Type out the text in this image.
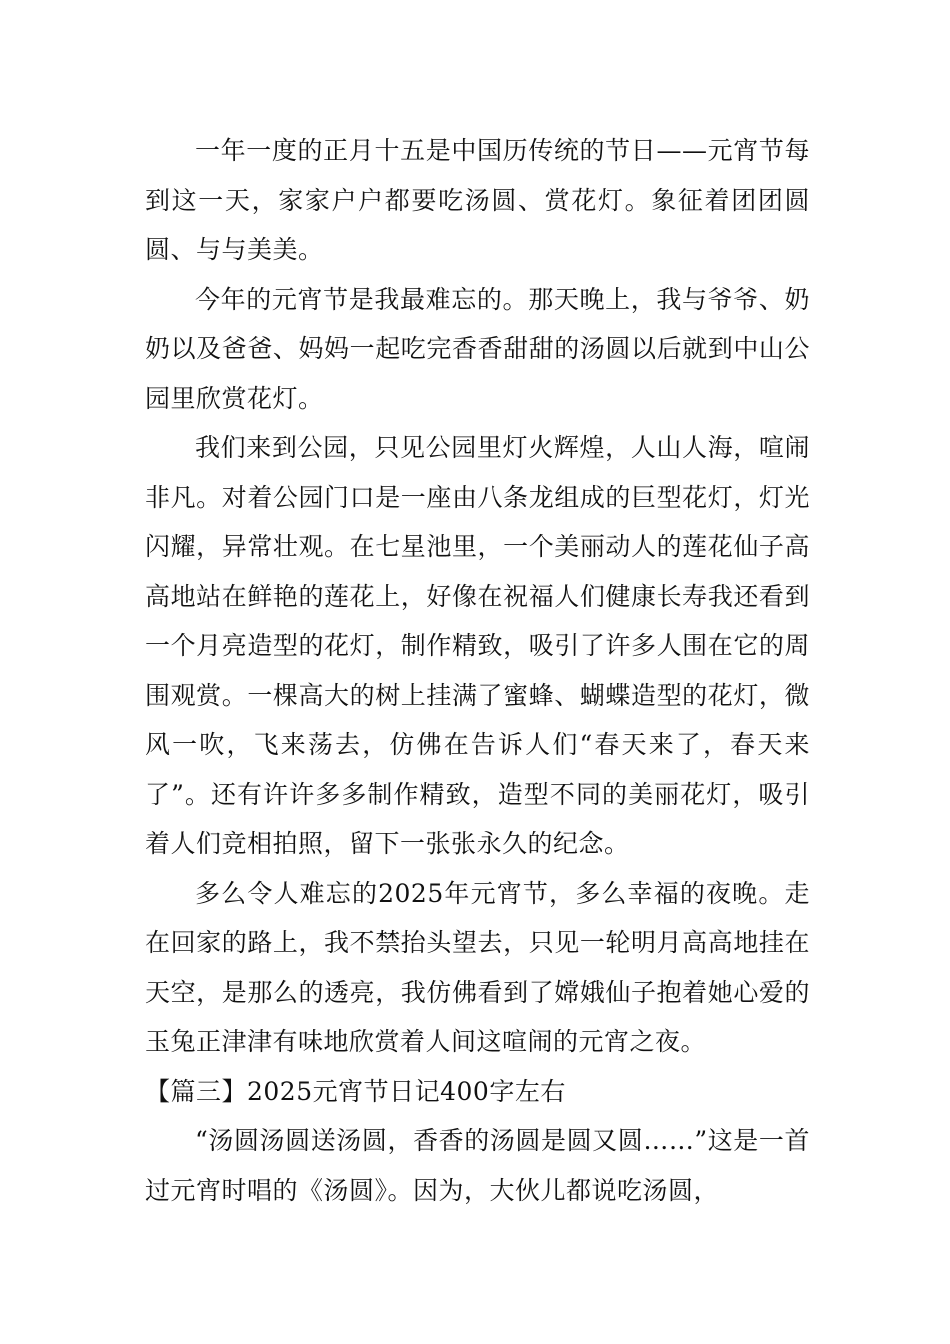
一年一度的正月十五是中国历传统的节日——元宵节每到这一天，家家户户都要吃汤圆、赏花灯。象征着团团圆圆、与与美美。

今年的元宵节是我最难忘的。那天晚上，我与爷爷、奶奶以及爸爸、妈妈一起吃完香香甜甜的汤圆以后就到中山公园里欣赏花灯。

我们来到公园，只见公园里灯火辉煌，人山人海，喧闹非凡。对着公园门口是一座由八条龙组成的巨型花灯，灯光闪耀，异常壮观。在七星池里，一个美丽动人的莲花仙子高高地站在鲜艳的莲花上，好像在祝福人们健康长寿我还看到一个月亮造型的花灯，制作精致，吸引了许多人围在它的周围观赏。一棵高大的树上挂满了蜜蜂、蝴蝶造型的花灯，微风一吹，飞来荡去，仿佛在告诉人们“春天来了，春天来了”。还有许许多多制作精致，造型不同的美丽花灯，吸引着人们竞相拍照，留下一张张永久的纪念。

多么令人难忘的2025年元宵节，多么幸福的夜晚。走在回家的路上，我不禁抬头望去，只见一轮明月高高地挂在天空，是那么的透亮，我仿佛看到了嫦娥仙子抱着她心爱的玉兔正津津有味地欣赏着人间这喧闹的元宵之夜。

【篇三】2025元宵节日记400字左右

“汤圆汤圆送汤圆，香香的汤圆是圆又圆……”这是一首过元宵时唱的《汤圆》。因为，大伙儿都说吃汤圆，
